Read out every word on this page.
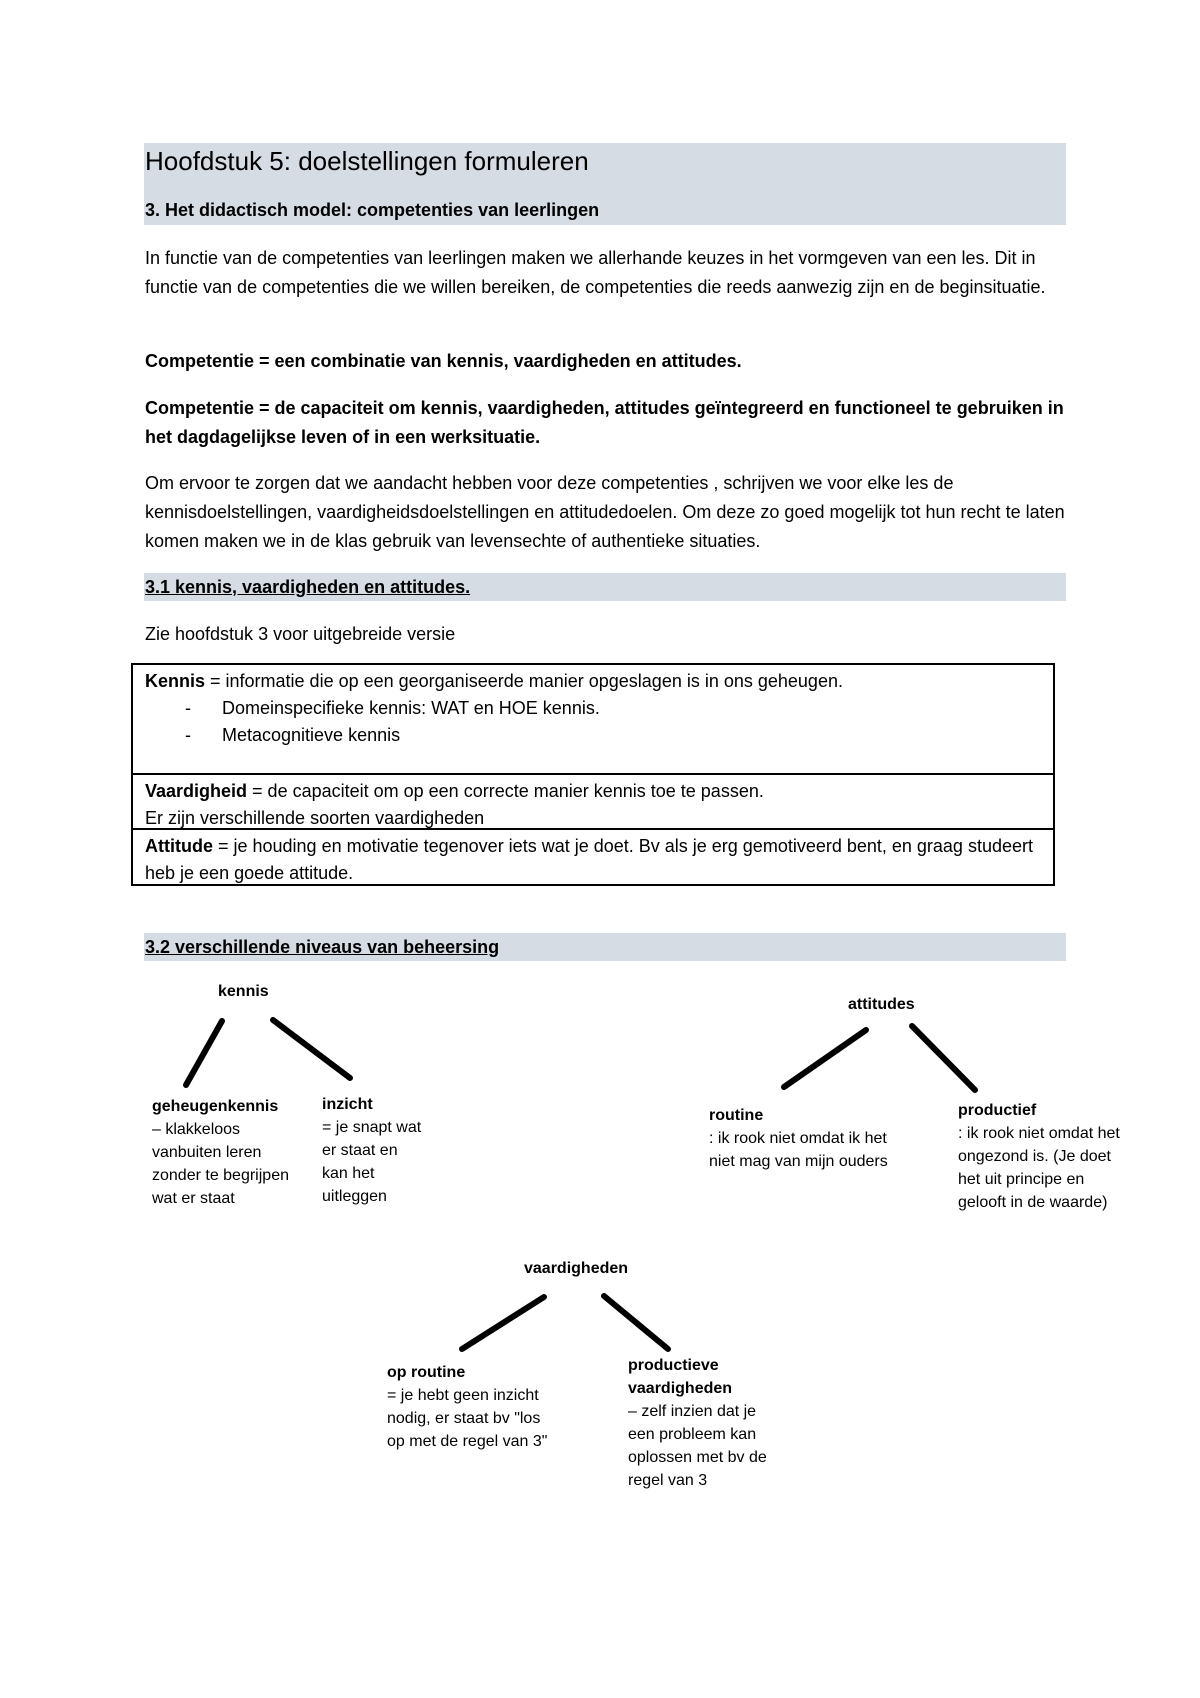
Hoofdstuk 5: doelstellingen formuleren
3. Het didactisch model: competenties van leerlingen
In functie van de competenties van leerlingen maken we allerhande keuzes in het vormgeven van een les. Dit in functie van de competenties die we willen bereiken, de competenties die reeds aanwezig zijn en de beginsituatie.
Competentie = een combinatie van kennis, vaardigheden en attitudes.
Competentie = de capaciteit om kennis, vaardigheden, attitudes geïntegreerd en functioneel te gebruiken in het dagdagelijkse leven of in een werksituatie.
Om ervoor te zorgen dat we aandacht hebben voor deze competenties , schrijven we voor elke les de kennisdoelstellingen, vaardigheidsdoelstellingen en attitudedoelen. Om deze zo goed mogelijk tot hun recht te laten komen maken we in de klas gebruik van levensechte of authentieke situaties.
3.1 kennis, vaardigheden en attitudes.
Zie hoofdstuk 3 voor uitgebreide versie
Kennis = informatie die op een georganiseerde manier opgeslagen is in ons geheugen.
- Domeinspecifieke kennis: WAT en HOE kennis.
- Metacognitieve kennis
Vaardigheid = de capaciteit om op een correcte manier kennis toe te passen.
Er zijn verschillende soorten vaardigheden
Attitude = je houding en motivatie tegenover iets wat je doet. Bv als je erg gemotiveerd bent, en graag studeert heb je een goede attitude.
3.2 verschillende niveaus van beheersing
kennis
geheugenkennis
– klakkeloos vanbuiten leren zonder te begrijpen wat er staat
inzicht
= je snapt wat er staat en kan het uitleggen
attitudes
routine
: ik rook niet omdat ik het niet mag van mijn ouders
productief
: ik rook niet omdat het ongezond is. (Je doet het uit principe en gelooft in de waarde)
vaardigheden
op routine
= je hebt geen inzicht nodig, er staat bv "los op met de regel van 3"
productieve vaardigheden
– zelf inzien dat je een probleem kan oplossen met bv de regel van 3
